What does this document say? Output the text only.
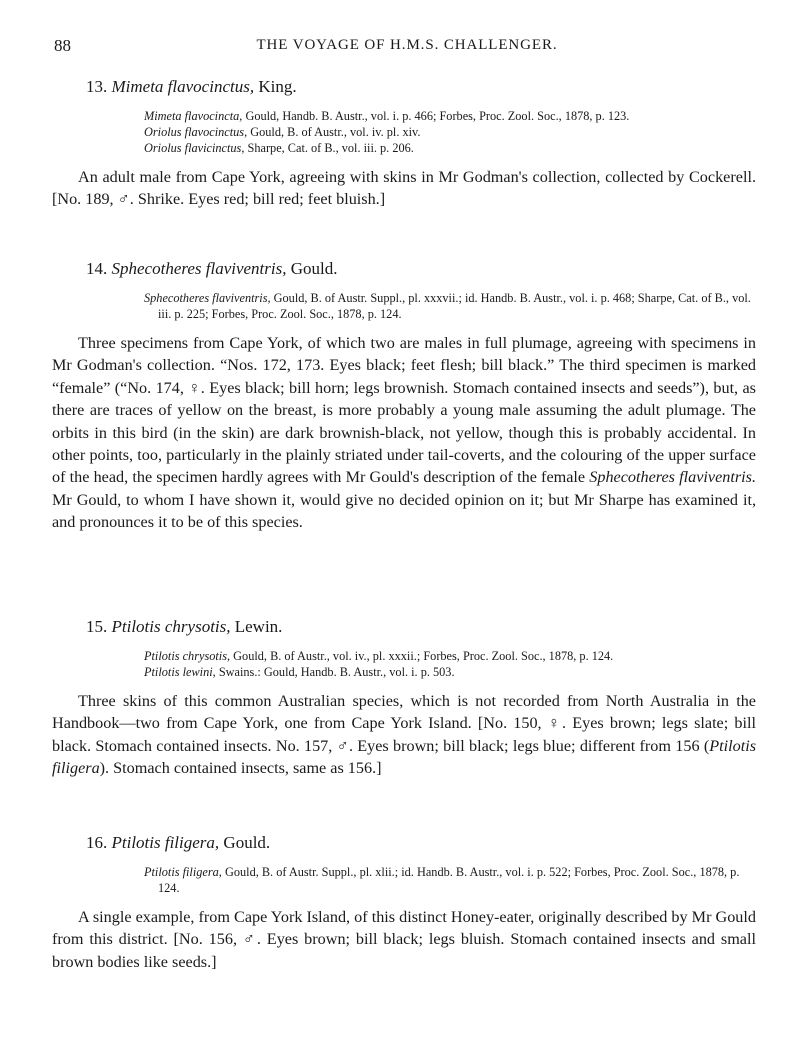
88	THE VOYAGE OF H.M.S. CHALLENGER.
13. Mimeta flavocinctus, King.
Mimeta flavocincta, Gould, Handb. B. Austr., vol. i. p. 466; Forbes, Proc. Zool. Soc., 1878, p. 123.
Oriolus flavocinctus, Gould, B. of Austr., vol. iv. pl. xiv.
Oriolus flavicinctus, Sharpe, Cat. of B., vol. iii. p. 206.

An adult male from Cape York, agreeing with skins in Mr Godman's collection, collected by Cockerell. [No. 189, ♂. Shrike. Eyes red; bill red; feet bluish.]

14. Sphecotheres flaviventris, Gould.
Sphecotheres flaviventris, Gould, B. of Austr. Suppl., pl. xxxvii.; id. Handb. B. Austr., vol. i. p. 468; Sharpe, Cat. of B., vol. iii. p. 225; Forbes, Proc. Zool. Soc., 1878, p. 124.

Three specimens from Cape York, of which two are males in full plumage, agreeing with specimens in Mr Godman's collection. “Nos. 172, 173. Eyes black; feet flesh; bill black.” The third specimen is marked “female” (“No. 174, ♀. Eyes black; bill horn; legs brownish. Stomach contained insects and seeds”), but, as there are traces of yellow on the breast, is more probably a young male assuming the adult plumage. The orbits in this bird (in the skin) are dark brownish-black, not yellow, though this is probably accidental. In other points, too, particularly in the plainly striated under tail-coverts, and the colouring of the upper surface of the head, the specimen hardly agrees with Mr Gould's description of the female Sphecotheres flaviventris. Mr Gould, to whom I have shown it, would give no decided opinion on it; but Mr Sharpe has examined it, and pronounces it to be of this species.

15. Ptilotis chrysotis, Lewin.
Ptilotis chrysotis, Gould, B. of Austr., vol. iv., pl. xxxii.; Forbes, Proc. Zool. Soc., 1878, p. 124.
Ptilotis lewini, Swains.: Gould, Handb. B. Austr., vol. i. p. 503.

Three skins of this common Australian species, which is not recorded from North Australia in the Handbook—two from Cape York, one from Cape York Island. [No. 150, ♀. Eyes brown; legs slate; bill black. Stomach contained insects. No. 157, ♂. Eyes brown; bill black; legs blue; different from 156 (Ptilotis filigera). Stomach contained insects, same as 156.]

16. Ptilotis filigera, Gould.
Ptilotis filigera, Gould, B. of Austr. Suppl., pl. xlii.; id. Handb. B. Austr., vol. i. p. 522; Forbes, Proc. Zool. Soc., 1878, p. 124.

A single example, from Cape York Island, of this distinct Honey-eater, originally described by Mr Gould from this district. [No. 156, ♂. Eyes brown; bill black; legs bluish. Stomach contained insects and small brown bodies like seeds.]
